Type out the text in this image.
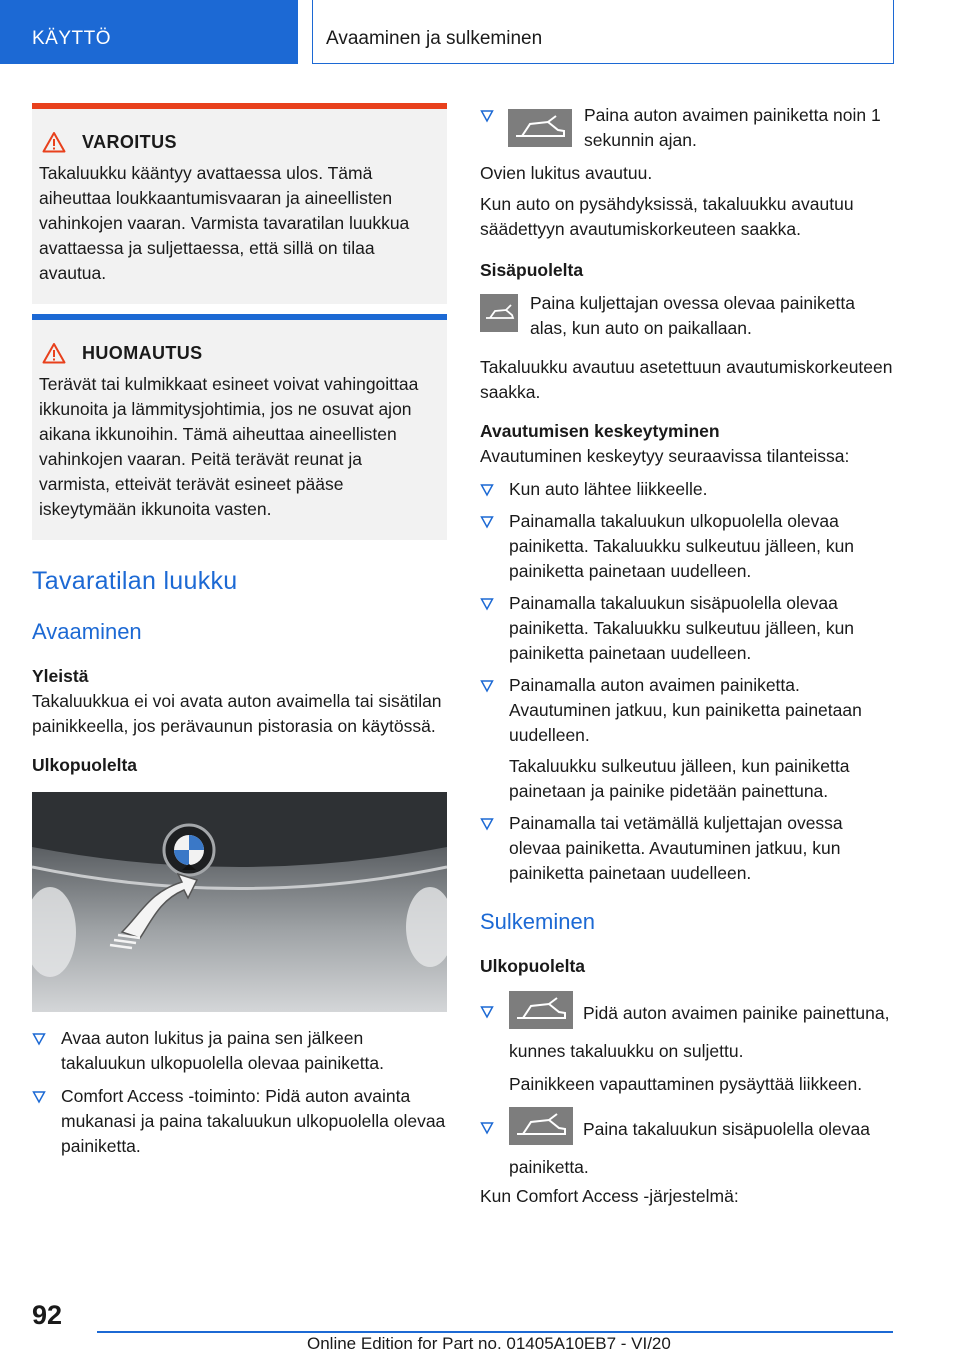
KÄYTTÖ	Avaaminen ja sulkeminen
VAROITUS

Takaluukku kääntyy avattaessa ulos. Tämä aiheuttaa loukkaantumisvaaran ja aineellisten vahinkojen vaaran. Varmista tavaratilan luukkua avattaessa ja suljettaessa, että sillä on tilaa avautua.

HUOMAUTUS

Terävät tai kulmikkaat esineet voivat vahingoittaa ikkunoita ja lämmitysjohtimia, jos ne osuvat ajon aikana ikkunoihin. Tämä aiheuttaa aineellisten vahinkojen vaaran. Peitä terävät reunat ja varmista, etteivät terävät esineet pääse iskeytymään ikkunoita vasten.

Tavaratilan luukku
Avaaminen

Yleistä

Takaluukkua ei voi avata auton avaimella tai sisätilan painikkeella, jos perävaunun pistorasia on käytössä.

Ulkopuolelta

Avaa auton lukitus ja paina sen jälkeen takaluukun ulkopuolella olevaa painiketta.

Comfort Access -toiminto: Pidä auton avainta mukanasi ja paina takaluukun ulkopuolella olevaa painiketta.

Paina auton avaimen painiketta noin 1 sekunnin ajan.

Ovien lukitus avautuu.

Kun auto on pysähdyksissä, takaluukku avautuu säädettyyn avautumiskorkeuteen saakka.

Sisäpuolelta

Paina kuljettajan ovessa olevaa painiketta alas, kun auto on paikallaan.

Takaluukku avautuu asetettuun avautumiskorkeuteen saakka.

Avautumisen keskeytyminen

Avautuminen keskeytyy seuraavissa tilanteissa:

Kun auto lähtee liikkeelle.

Painamalla takaluukun ulkopuolella olevaa painiketta. Takaluukku sulkeutuu jälleen, kun painiketta painetaan uudelleen.

Painamalla takaluukun sisäpuolella olevaa painiketta. Takaluukku sulkeutuu jälleen, kun painiketta painetaan uudelleen.

Painamalla auton avaimen painiketta. Avautuminen jatkuu, kun painiketta painetaan uudelleen.

Takaluukku sulkeutuu jälleen, kun painiketta painetaan ja painike pidetään painettuna.

Painamalla tai vetämällä kuljettajan ovessa olevaa painiketta. Avautuminen jatkuu, kun painiketta painetaan uudelleen.

Sulkeminen

Ulkopuolelta

Pidä auton avaimen painike painettuna, kunnes takaluukku on suljettu.

Painikkeen vapauttaminen pysäyttää liikkeen.

Paina takaluukun sisäpuolella olevaa painiketta.

Kun Comfort Access -järjestelmä:

92
Online Edition for Part no. 01405A10EB7 - VI/20
